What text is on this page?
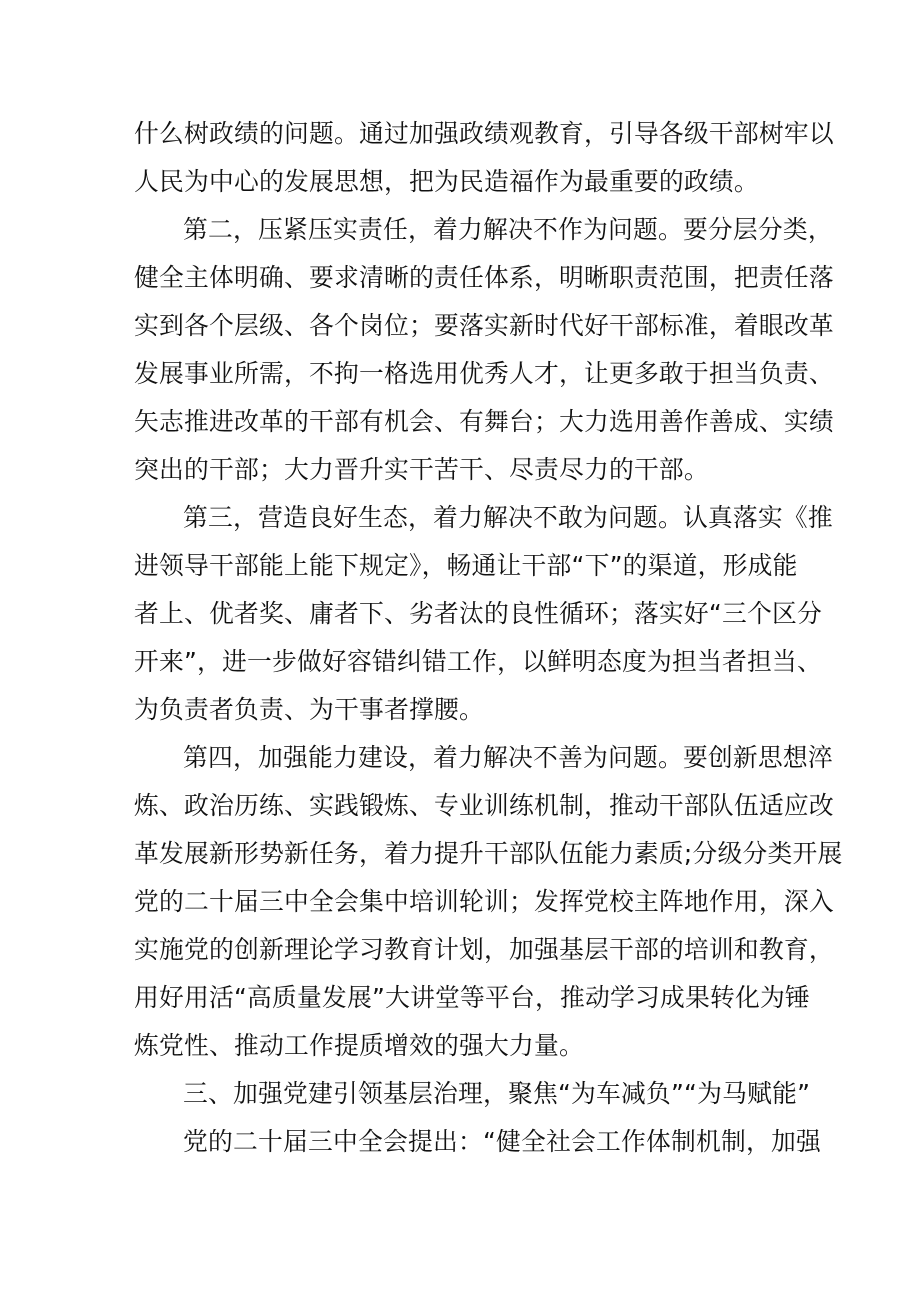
什么树政绩的问题。通过加强政绩观教育，引导各级干部树牢以
人民为中心的发展思想，把为民造福作为最重要的政绩。
第二，压紧压实责任，着力解决不作为问题。要分层分类，
健全主体明确、要求清晰的责任体系，明晰职责范围，把责任落
实到各个层级、各个岗位；要落实新时代好干部标准，着眼改革
发展事业所需，不拘一格选用优秀人才，让更多敢于担当负责、
矢志推进改革的干部有机会、有舞台；大力选用善作善成、实绩
突出的干部；大力晋升实干苦干、尽责尽力的干部。
第三，营造良好生态，着力解决不敢为问题。认真落实《推
进领导干部能上能下规定》，畅通让干部“下”的渠道，形成能
者上、优者奖、庸者下、劣者汰的良性循环；落实好“三个区分
开来”，进一步做好容错纠错工作，以鲜明态度为担当者担当、
为负责者负责、为干事者撑腰。
第四，加强能力建设，着力解决不善为问题。要创新思想淬
炼、政治历练、实践锻炼、专业训练机制，推动干部队伍适应改
革发展新形势新任务，着力提升干部队伍能力素质;分级分类开展
党的二十届三中全会集中培训轮训；发挥党校主阵地作用，深入
实施党的创新理论学习教育计划，加强基层干部的培训和教育，
用好用活“高质量发展”大讲堂等平台，推动学习成果转化为锤
炼党性、推动工作提质增效的强大力量。
三、加强党建引领基层治理，聚焦“为车减负”“为马赋能”
党的二十届三中全会提出：“健全社会工作体制机制，加强
